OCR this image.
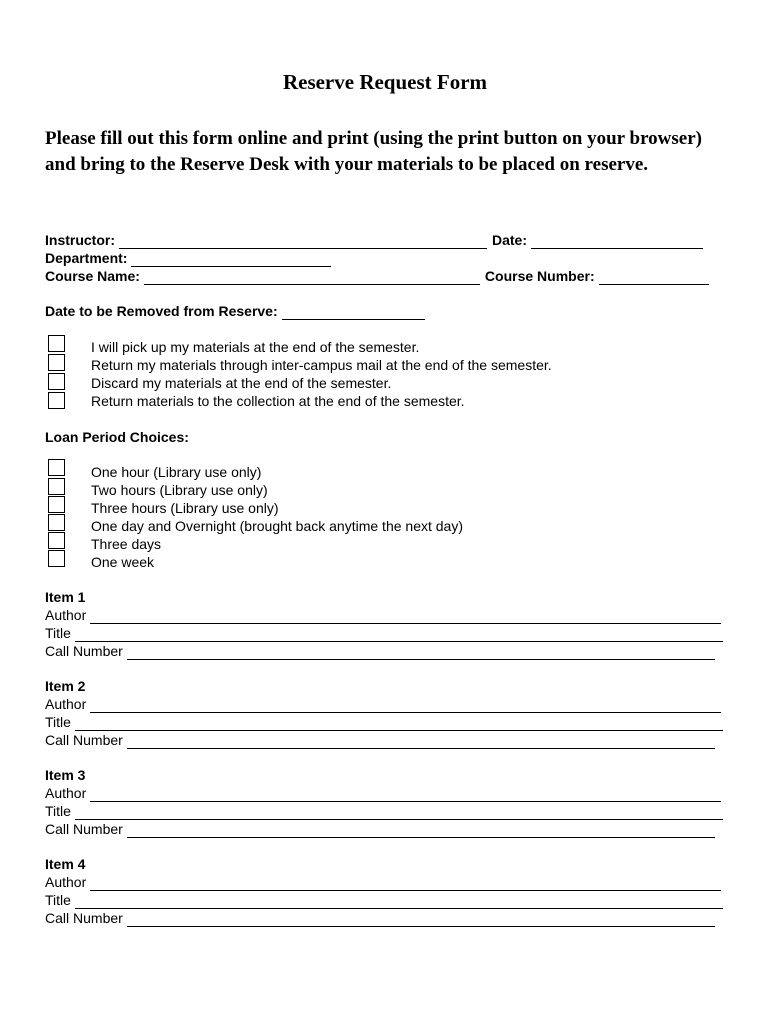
Reserve Request Form
Please fill out this form online and print (using the print button on your browser) and bring to the Reserve Desk with your materials to be placed on reserve.
Instructor:	Date:
Department:
Course Name:	Course Number:
Date to be Removed from Reserve:
I will pick up my materials at the end of the semester.
Return my materials through inter-campus mail at the end of the semester.
Discard my materials at the end of the semester.
Return materials to the collection at the end of the semester.
Loan Period Choices:
One hour (Library use only)
Two hours (Library use only)
Three hours (Library use only)
One day and Overnight (brought back anytime the next day)
Three days
One week
Item 1
Author
Title
Call Number
Item 2
Author
Title
Call Number
Item 3
Author
Title
Call Number
Item 4
Author
Title
Call Number
